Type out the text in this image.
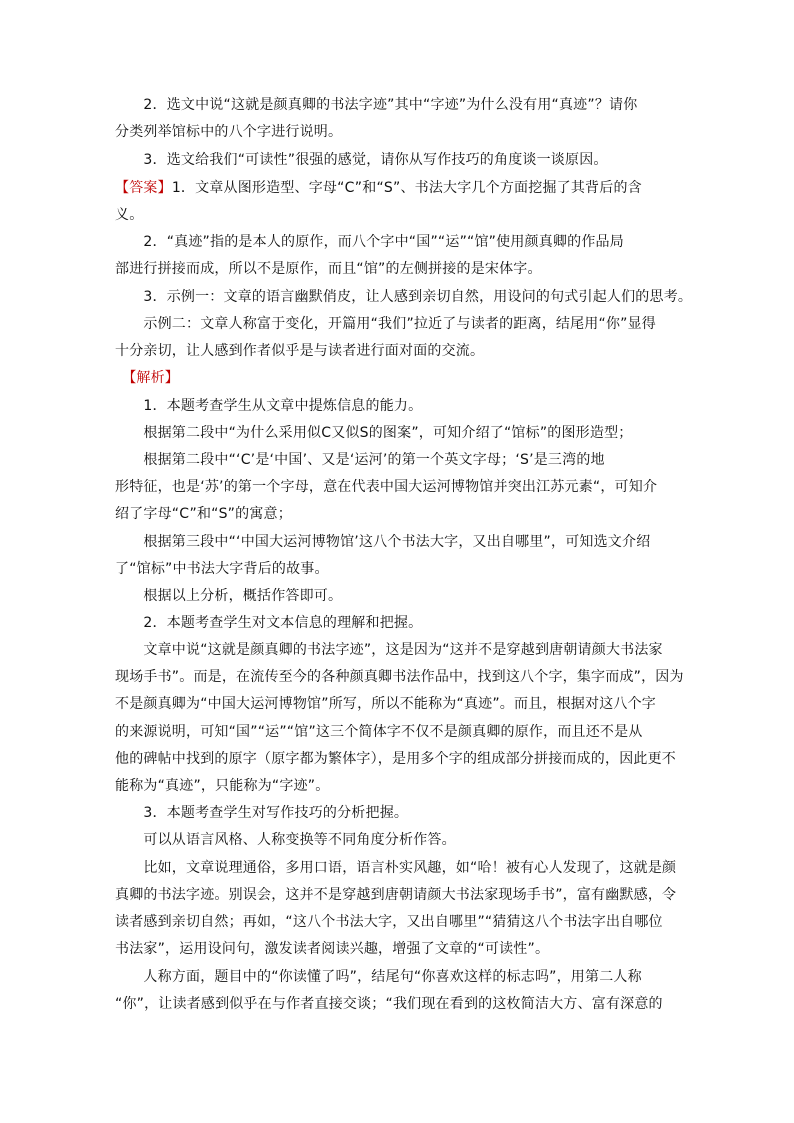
　　2．选文中说“这就是颜真卿的书法字迹”其中“字迹”为什么没有用“真迹”？请你
分类列举馆标中的八个字进行说明。
　　3．选文给我们“可读性”很强的感觉，请你从写作技巧的角度谈一谈原因。
【答案】1．文章从图形造型、字母“C”和“S”、书法大字几个方面挖掘了其背后的含
义。
　　2．“真迹”指的是本人的原作，而八个字中“国”“运”“馆”使用颜真卿的作品局
部进行拼接而成，所以不是原作，而且“馆”的左侧拼接的是宋体字。
　　3．示例一：文章的语言幽默俏皮，让人感到亲切自然，用设问的句式引起人们的思考。
　　示例二：文章人称富于变化，开篇用“我们”拉近了与读者的距离，结尾用“你”显得
十分亲切，让人感到作者似乎是与读者进行面对面的交流。
　【解析】
　　1．本题考查学生从文章中提炼信息的能力。
　　根据第二段中“为什么采用似C又似S的图案”，可知介绍了“馆标”的图形造型；
　　根据第二段中“‘C’是‘中国’、又是‘运河’的第一个英文字母；‘S’是三湾的地
形特征，也是‘苏’的第一个字母，意在代表中国大运河博物馆并突出江苏元素“，可知介
绍了字母“C”和“S”的寓意；
　　根据第三段中“‘中国大运河博物馆’这八个书法大字，又出自哪里”，可知选文介绍
了“馆标”中书法大字背后的故事。
　　根据以上分析，概括作答即可。
　　2．本题考查学生对文本信息的理解和把握。
　　文章中说“这就是颜真卿的书法字迹”，这是因为“这并不是穿越到唐朝请颜大书法家
现场手书”。而是，在流传至今的各种颜真卿书法作品中，找到这八个字，集字而成”，因为
不是颜真卿为“中国大运河博物馆”所写，所以不能称为“真迹”。而且，根据对这八个字
的来源说明，可知“国”“运”“馆”这三个简体字不仅不是颜真卿的原作，而且还不是从
他的碑帖中找到的原字（原字都为繁体字），是用多个字的组成部分拼接而成的，因此更不
能称为“真迹”，只能称为“字迹”。
　　3．本题考查学生对写作技巧的分析把握。
　　可以从语言风格、人称变换等不同角度分析作答。
　　比如，文章说理通俗，多用口语，语言朴实风趣，如“哈！被有心人发现了，这就是颜
真卿的书法字迹。别误会，这并不是穿越到唐朝请颜大书法家现场手书”，富有幽默感，令
读者感到亲切自然；再如，“这八个书法大字，又出自哪里”“猜猜这八个书法字出自哪位
书法家”，运用设问句，激发读者阅读兴趣，增强了文章的“可读性”。
　　人称方面，题目中的“你读懂了吗”，结尾句“你喜欢这样的标志吗”，用第二人称
“你”，让读者感到似乎在与作者直接交谈；“我们现在看到的这枚简洁大方、富有深意的
